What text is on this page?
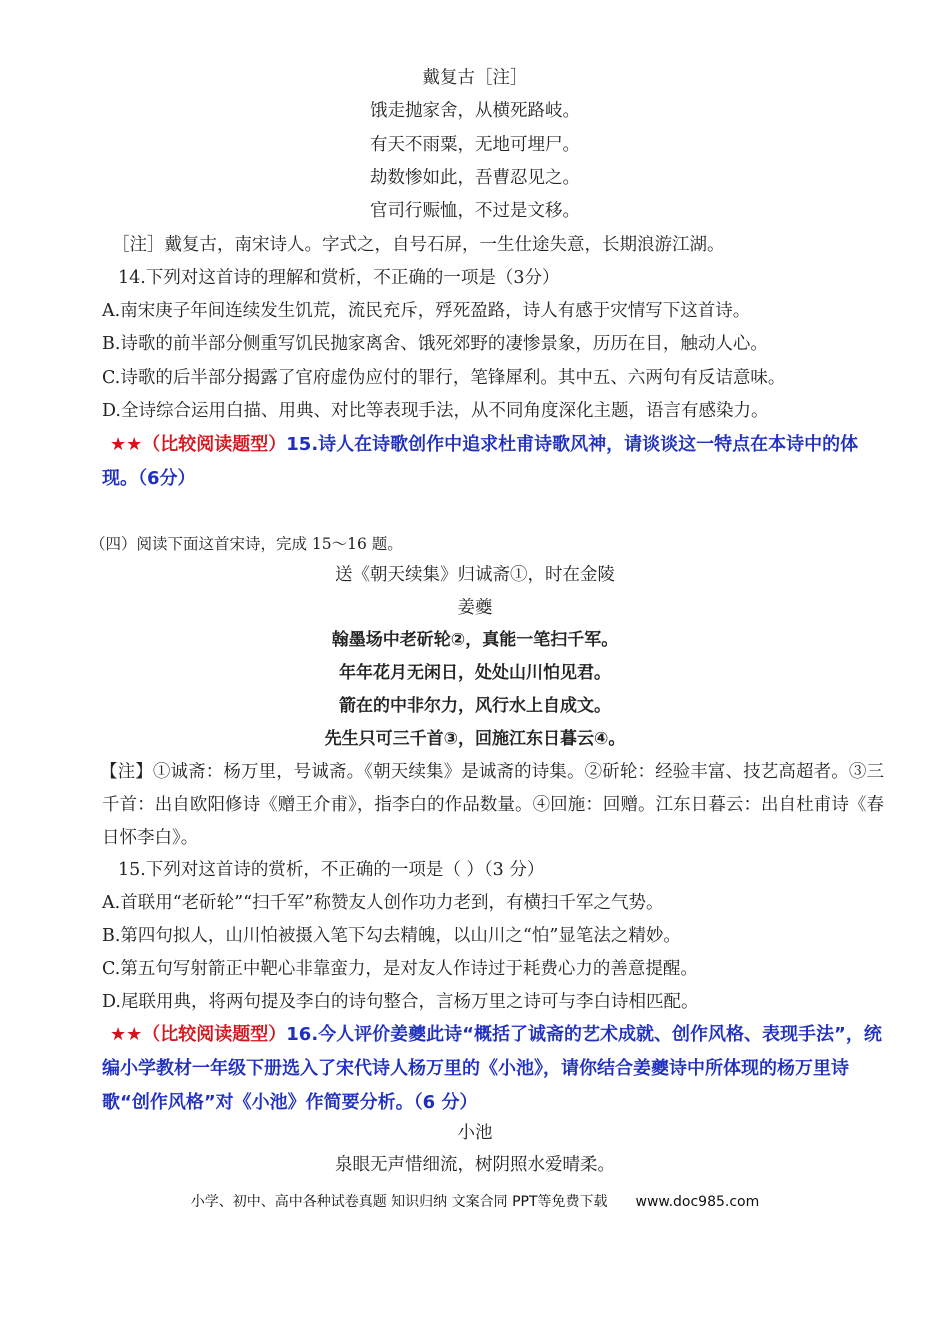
戴复古［注］
饿走抛家舍，从横死路岐。
有天不雨粟，无地可埋尸。
劫数惨如此，吾曹忍见之。
官司行赈恤，不过是文移。
［注］戴复古，南宋诗人。字式之，自号石屏，一生仕途失意，长期浪游江湖。
14.下列对这首诗的理解和赏析，不正确的一项是（3分）
A.南宋庚子年间连续发生饥荒，流民充斥，殍死盈路，诗人有感于灾情写下这首诗。
B.诗歌的前半部分侧重写饥民抛家离舍、饿死郊野的凄惨景象，历历在目，触动人心。
C.诗歌的后半部分揭露了官府虚伪应付的罪行，笔锋犀利。其中五、六两句有反诘意味。
D.全诗综合运用白描、用典、对比等表现手法，从不同角度深化主题，语言有感染力。
★★（比较阅读题型）15.诗人在诗歌创作中追求杜甫诗歌风神，请谈谈这一特点在本诗中的体现。（6分）
（四）阅读下面这首宋诗，完成 15～16 题。
送《朝天续集》归诚斋①，时在金陵
姜夔
翰墨场中老斫轮②，真能一笔扫千军。
年年花月无闲日，处处山川怕见君。
箭在的中非尔力，风行水上自成文。
先生只可三千首③，回施江东日暮云④。
【注】①诚斋：杨万里，号诚斋。《朝天续集》是诚斋的诗集。②斫轮：经验丰富、技艺高超者。③三千首：出自欧阳修诗《赠王介甫》，指李白的作品数量。④回施：回赠。江东日暮云：出自杜甫诗《春日怀李白》。
15.下列对这首诗的赏析，不正确的一项是（ ）（3 分）
A.首联用“老斫轮”“扫千军”称赞友人创作功力老到，有横扫千军之气势。
B.第四句拟人，山川怕被摄入笔下勾去精魄，以山川之“怕”显笔法之精妙。
C.第五句写射箭正中靶心非靠蛮力，是对友人作诗过于耗费心力的善意提醒。
D.尾联用典，将两句提及李白的诗句整合，言杨万里之诗可与李白诗相匹配。
★★（比较阅读题型）16.今人评价姜夔此诗“概括了诚斋的艺术成就、创作风格、表现手法”，统编小学教材一年级下册选入了宋代诗人杨万里的《小池》，请你结合姜夔诗中所体现的杨万里诗歌“创作风格”对《小池》作简要分析。（6 分）
小池
泉眼无声惜细流，树阴照水爱晴柔。
小学、初中、高中各种试卷真题 知识归纳 文案合同 PPT等免费下载 www.doc985.com
